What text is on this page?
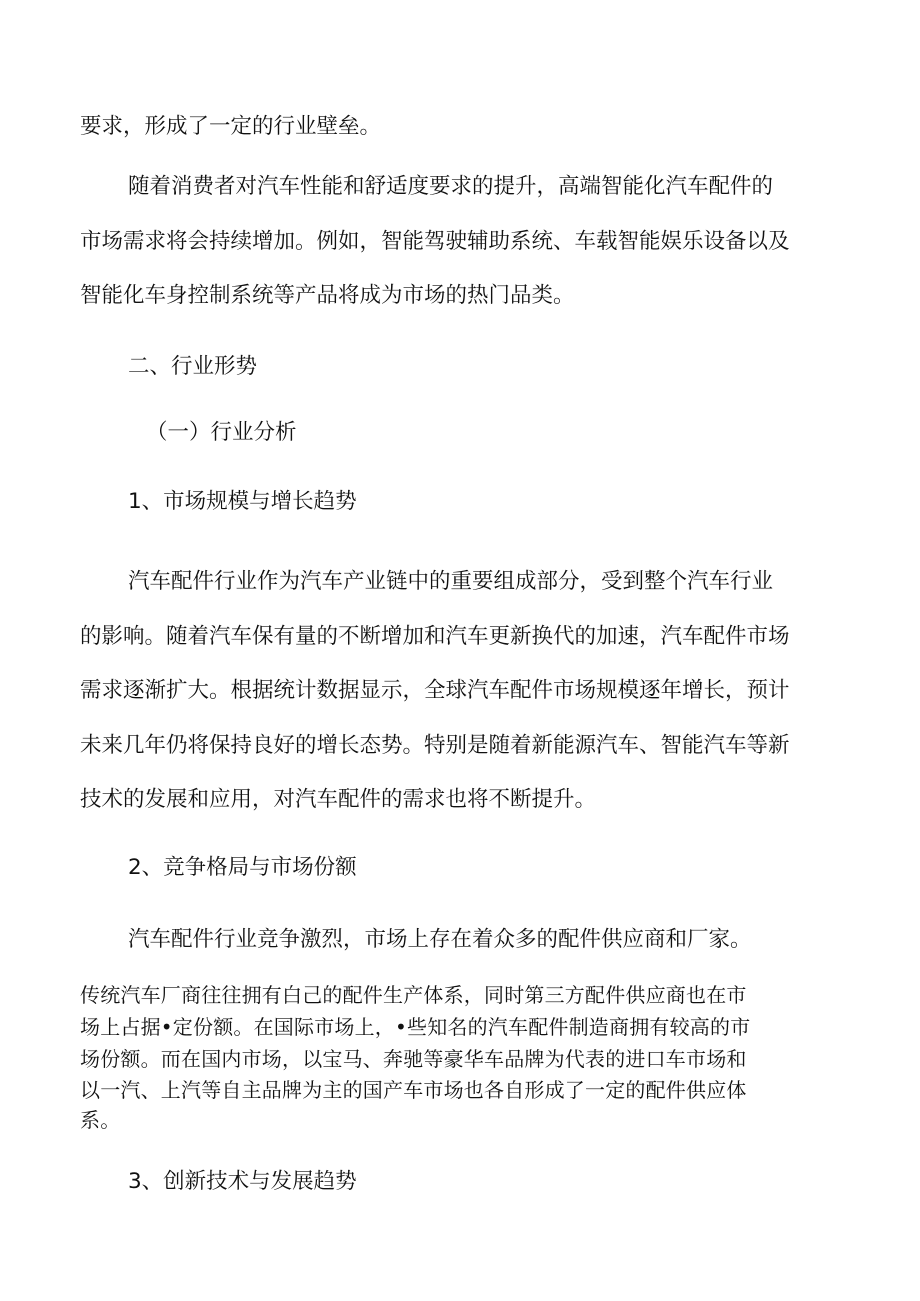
要求，形成了一定的行业壁垒。
随着消费者对汽车性能和舒适度要求的提升，高端智能化汽车配件的
市场需求将会持续增加。例如，智能驾驶辅助系统、车载智能娱乐设备以及
智能化车身控制系统等产品将成为市场的热门品类。
二、行业形势
（一）行业分析
1、市场规模与增长趋势
汽车配件行业作为汽车产业链中的重要组成部分，受到整个汽车行业
的影响。随着汽车保有量的不断增加和汽车更新换代的加速，汽车配件市场
需求逐渐扩大。根据统计数据显示，全球汽车配件市场规模逐年增长，预计
未来几年仍将保持良好的增长态势。特别是随着新能源汽车、智能汽车等新
技术的发展和应用，对汽车配件的需求也将不断提升。
2、竞争格局与市场份额
汽车配件行业竞争激烈，市场上存在着众多的配件供应商和厂家。
传统汽车厂商往往拥有白己的配件生产体系，同时第三方配件供应商也在市
场上占据•定份额。在国际市场上，•些知名的汽车配件制造商拥有较高的市
场份额。而在国内市场，以宝马、奔驰等豪华车品牌为代表的进口车市场和
以一汽、上汽等自主品牌为主的国产车市场也各自形成了一定的配件供应体
系。
3、创新技术与发展趋势
